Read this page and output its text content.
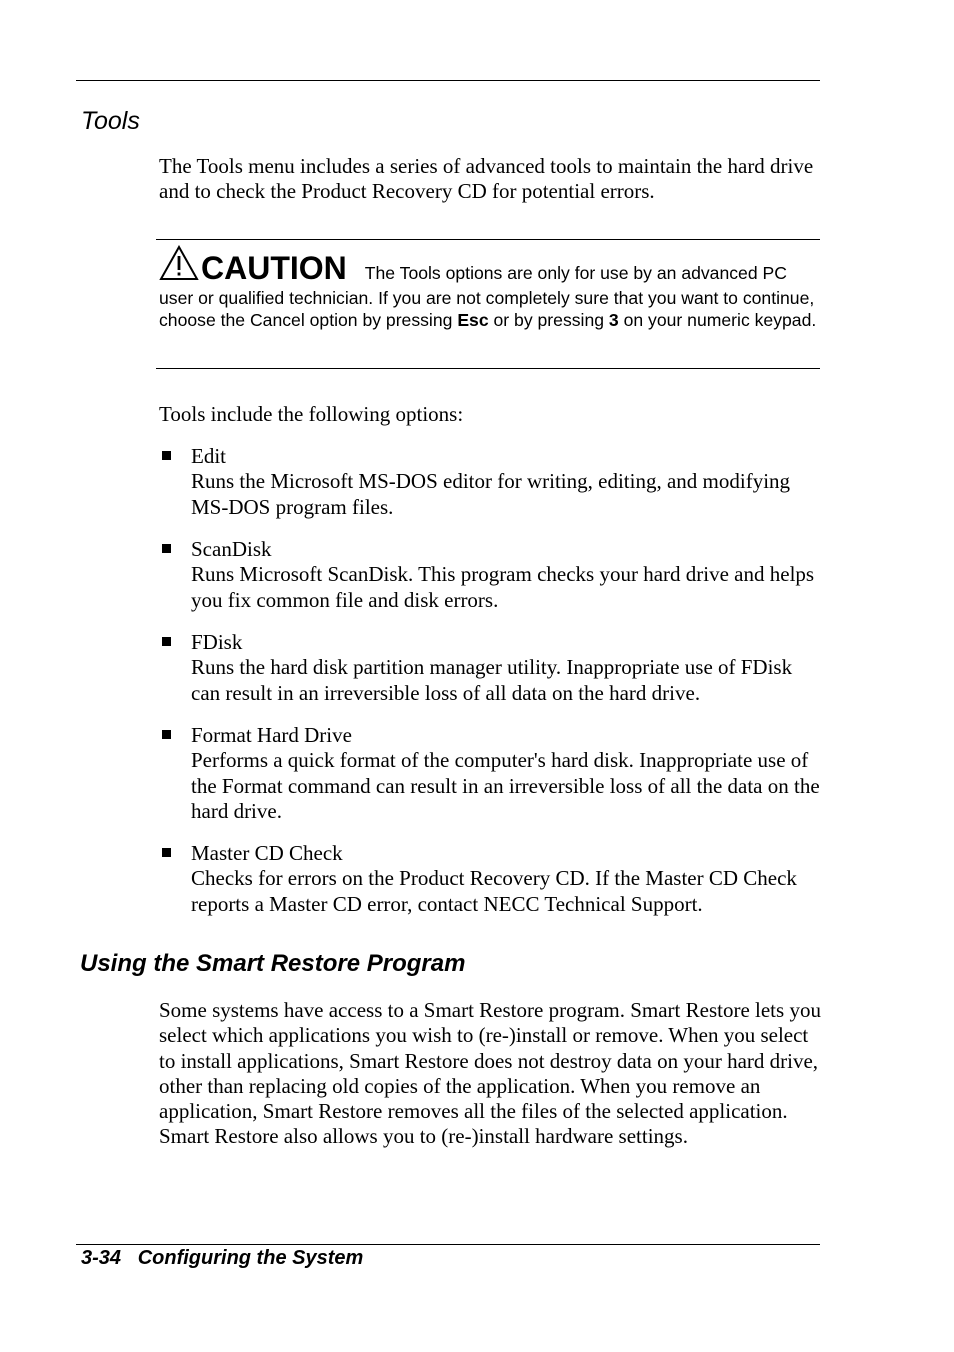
Tools

The Tools menu includes a series of advanced tools to maintain the hard drive and to check the Product Recovery CD for potential errors.

CAUTION The Tools options are only for use by an advanced PC user or qualified technician. If you are not completely sure that you want to continue, choose the Cancel option by pressing Esc or by pressing 3 on your numeric keypad.

Tools include the following options:

Edit
Runs the Microsoft MS-DOS editor for writing, editing, and modifying MS-DOS program files.
ScanDisk
Runs Microsoft ScanDisk. This program checks your hard drive and helps you fix common file and disk errors.
FDisk
Runs the hard disk partition manager utility. Inappropriate use of FDisk can result in an irreversible loss of all data on the hard drive.
Format Hard Drive
Performs a quick format of the computer's hard disk. Inappropriate use of the Format command can result in an irreversible loss of all the data on the hard drive.
Master CD Check
Checks for errors on the Product Recovery CD. If the Master CD Check reports a Master CD error, contact NECC Technical Support.
Using the Smart Restore Program

Some systems have access to a Smart Restore program. Smart Restore lets you select which applications you wish to (re-)install or remove. When you select to install applications, Smart Restore does not destroy data on your hard drive, other than replacing old copies of the application. When you remove an application, Smart Restore removes all the files of the selected application. Smart Restore also allows you to (re-)install hardware settings.

3-34 Configuring the System
